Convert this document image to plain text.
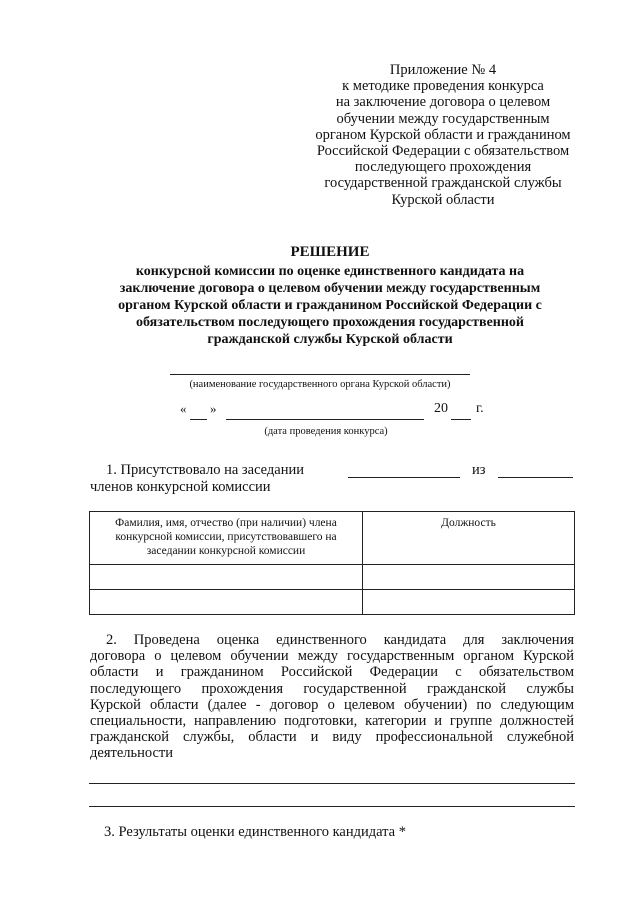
Приложение № 4
к методике проведения конкурса
на заключение договора о целевом
обучении между государственным
органом Курской области и гражданином
Российской Федерации с обязательством
последующего прохождения
государственной гражданской службы
Курской области
РЕШЕНИЕ
конкурсной комиссии по оценке единственного кандидата на
заключение договора о целевом обучении между государственным
органом Курской области и гражданином Российской Федерации с
обязательством последующего прохождения государственной
гражданской службы Курской области
(наименование государственного органа Курской области)
« »	20 г.
(дата проведения конкурса)
1. Присутствовало на заседании	из
членов конкурсной комиссии
Фамилия, имя, отчество (при наличии) члена
конкурсной комиссии, присутствовавшего на
заседании конкурсной комиссии	Должность

2. Проведена оценка единственного кандидата для заключения
договора о целевом обучении между государственным органом Курской
области и гражданином Российской Федерации с обязательством
последующего прохождения государственной гражданской службы
Курской области (далее - договор о целевом обучении) по следующим
специальности, направлению подготовки, категории и группе должностей
гражданской службы, области и виду профессиональной служебной
деятельности
3. Результаты оценки единственного кандидата *
